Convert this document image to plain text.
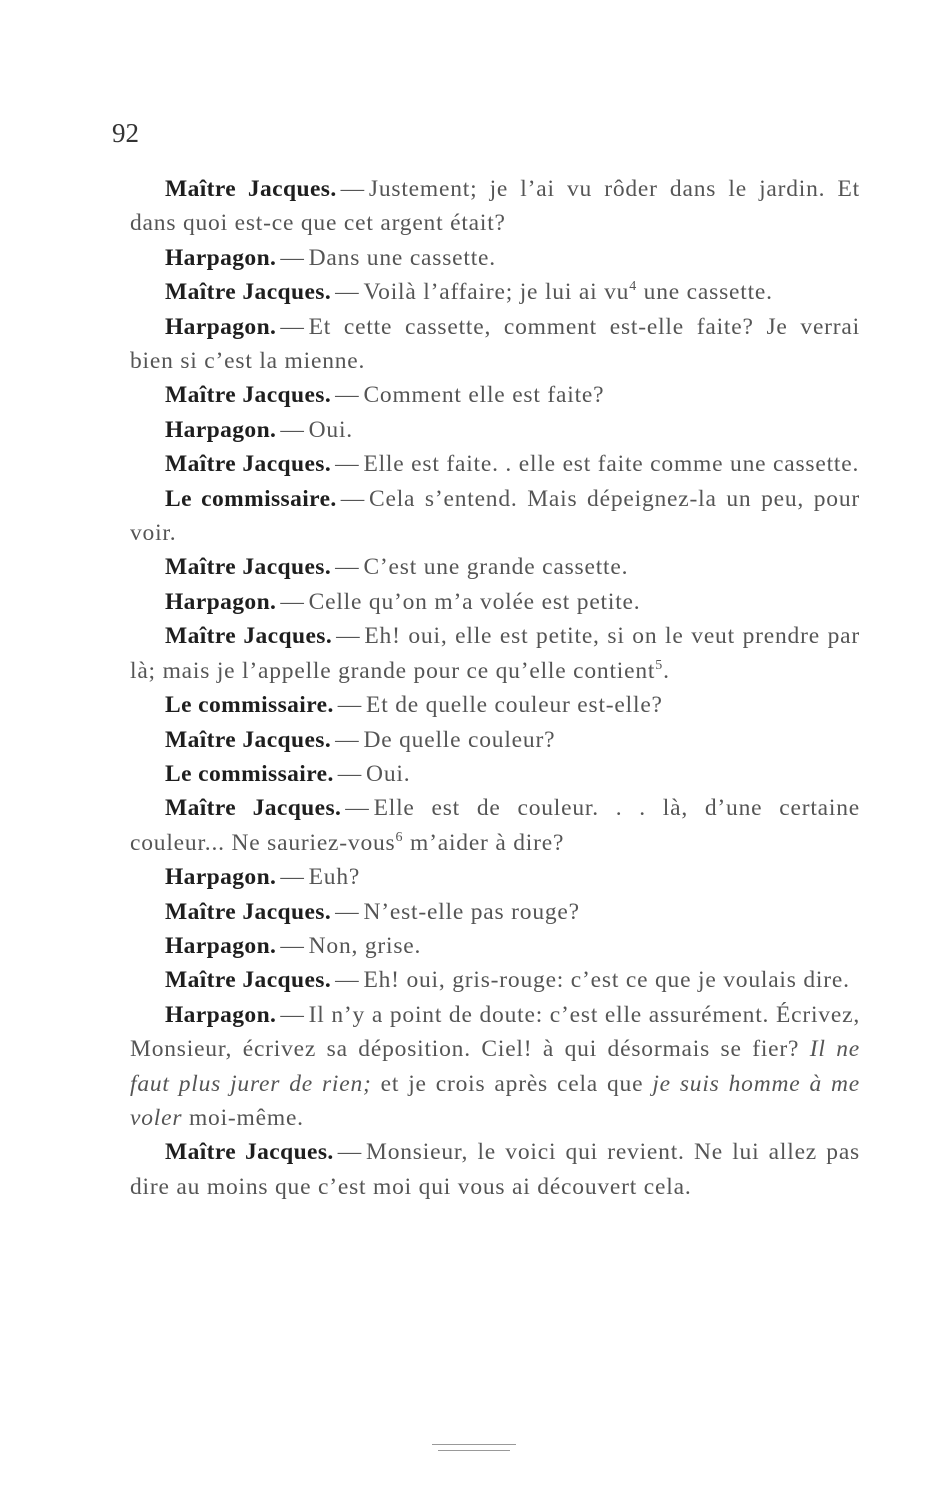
92

Maître Jacques. — Justement; je l’ai vu rôder dans le jardin. Et dans quoi est-ce que cet argent était?

Harpagon. — Dans une cassette.

Maître Jacques. — Voilà l’affaire; je lui ai $vu^4$ une cassette.

Harpagon. — Et cette cassette, comment est-elle faite? Je verrai bien si c’est la mienne.

Maître Jacques. — Comment elle est faite?

Harpagon. — Oui.

Maître Jacques. — Elle est faite. . elle est faite comme une cassette.

Le commissaire. — Cela s’entend. Mais dépeignez-la un peu, pour voir.

Maître Jacques. — C’est une grande cassette.

Harpagon. — Celle qu’on m’a volée est petite.

Maître Jacques. — Eh! oui, elle est petite, si on le veut prendre par là; mais je l’appelle grande pour ce qu’elle contient$^5$.

Le commissaire. — Et de quelle couleur est-elle?

Maître Jacques. — De quelle couleur?

Le commissaire. — Oui.

Maître Jacques. — Elle est de couleur. . . là, d’une certaine couleur... Ne sauriez-vous$^6$ m’aider à dire?

Harpagon. — Euh?

Maître Jacques. — N’est-elle pas rouge?

Harpagon. — Non, grise.

Maître Jacques. — Eh! oui, gris-rouge: c’est ce que je voulais dire.

Harpagon. — Il n’y a point de doute: c’est elle assurément. Écrivez, Monsieur, écrivez sa déposition. Ciel! à qui désormais se fier? Il ne faut plus jurer de rien; et je crois après cela que je suis homme à me voler moi-même.

Maître Jacques. — Monsieur, le voici qui revient. Ne lui allez pas dire au moins que c’est moi qui vous ai découvert cela.
